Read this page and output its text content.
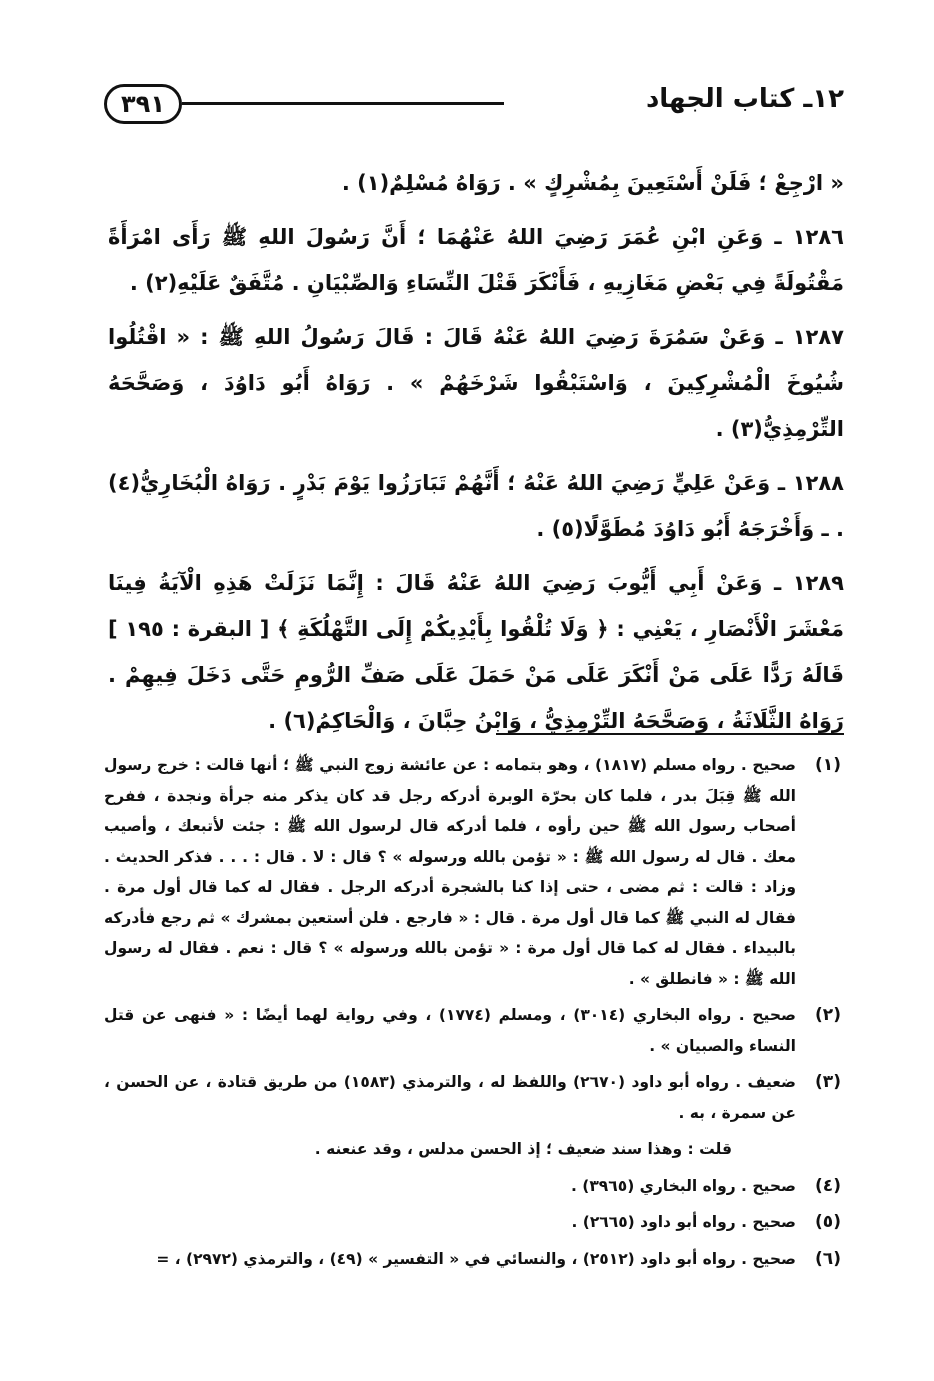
٣٩١	١٢ـ كتاب الجهاد

« ارْجِعْ ؛ فَلَنْ أَسْتَعِينَ بِمُشْرِكٍ » . رَوَاهُ مُسْلِمٌ(١) .

١٢٨٦ ـ وَعَنِ ابْنِ عُمَرَ رَضِيَ اللهُ عَنْهُمَا ؛ أَنَّ رَسُولَ اللهِ ﷺ رَأَى امْرَأَةً مَقْتُولَةً فِي بَعْضِ مَغَازِيهِ ، فَأَنْكَرَ قَتْلَ النِّسَاءِ وَالصِّبْيَانِ . مُتَّفَقٌ عَلَيْهِ(٢) .

١٢٨٧ ـ وَعَنْ سَمُرَةَ رَضِيَ اللهُ عَنْهُ قَالَ : قَالَ رَسُولُ اللهِ ﷺ : « اقْتُلُوا شُيُوخَ الْمُشْرِكِينَ ، وَاسْتَبْقُوا شَرْخَهُمْ » . رَوَاهُ أَبُو دَاوُدَ ، وَصَحَّحَهُ التِّرْمِذِيُّ(٣) .

١٢٨٨ ـ وَعَنْ عَلِيٍّ رَضِيَ اللهُ عَنْهُ ؛ أَنَّهُمْ تَبَارَزُوا يَوْمَ بَدْرٍ . رَوَاهُ الْبُخَارِيُّ(٤) . ـ وَأَخْرَجَهُ أَبُو دَاوُدَ مُطَوَّلًا(٥) .

١٢٨٩ ـ وَعَنْ أَبِي أَيُّوبَ رَضِيَ اللهُ عَنْهُ قَالَ : إِنَّمَا نَزَلَتْ هَذِهِ الْآيَةُ فِينَا مَعْشَرَ الْأَنْصَارِ ، يَعْنِي : ﴿ وَلَا تُلْقُوا بِأَيْدِيكُمْ إِلَى التَّهْلُكَةِ ﴾ [ البقرة : ١٩٥ ] قَالَهُ رَدًّا عَلَى مَنْ أَنْكَرَ عَلَى مَنْ حَمَلَ عَلَى صَفِّ الرُّومِ حَتَّى دَخَلَ فِيهِمْ . رَوَاهُ الثَّلَاثَةُ ، وَصَحَّحَهُ التِّرْمِذِيُّ ، وَابْنُ حِبَّانَ ، وَالْحَاكِمُ(٦) .

(١)
صحيح . رواه مسلم (١٨١٧) ، وهو بتمامه : عن عائشة زوج النبي ﷺ ؛ أنها قالت : خرج رسول الله ﷺ قِبَلَ بدر ، فلما كان بحرّة الوبرة أدركه رجل قد كان يذكر منه جرأة ونجدة ، ففرح أصحاب رسول الله ﷺ حين رأوه ، فلما أدركه قال لرسول الله ﷺ : جئت لأتبعك ، وأصيب معك . قال له رسول الله ﷺ : « تؤمن بالله ورسوله » ؟ قال : لا . قال : . . . فذكر الحديث . وزاد : قالت : ثم مضى ، حتى إذا كنا بالشجرة أدركه الرجل . فقال له كما قال أول مرة . فقال له النبي ﷺ كما قال أول مرة . قال : « فارجع . فلن أستعين بمشرك » ثم رجع فأدركه بالبيداء . فقال له كما قال أول مرة : « تؤمن بالله ورسوله » ؟ قال : نعم . فقال له رسول الله ﷺ : « فانطلق » .
(٢)
صحيح . رواه البخاري (٣٠١٤) ، ومسلم (١٧٧٤) ، وفي رواية لهما أيضًا : « فنهى عن قتل النساء والصبيان » .
(٣)
ضعيف . رواه أبو داود (٢٦٧٠) واللفظ له ، والترمذي (١٥٨٣) من طريق قتادة ، عن الحسن ، عن سمرة ، به .
قلت : وهذا سند ضعيف ؛ إذ الحسن مدلس ، وقد عنعنه .
(٤)
صحيح . رواه البخاري (٣٩٦٥) .
(٥)
صحيح . رواه أبو داود (٢٦٦٥) .
(٦)
صحيح . رواه أبو داود (٢٥١٢) ، والنسائي في « التفسير » (٤٩) ، والترمذي (٢٩٧٢) ، =
